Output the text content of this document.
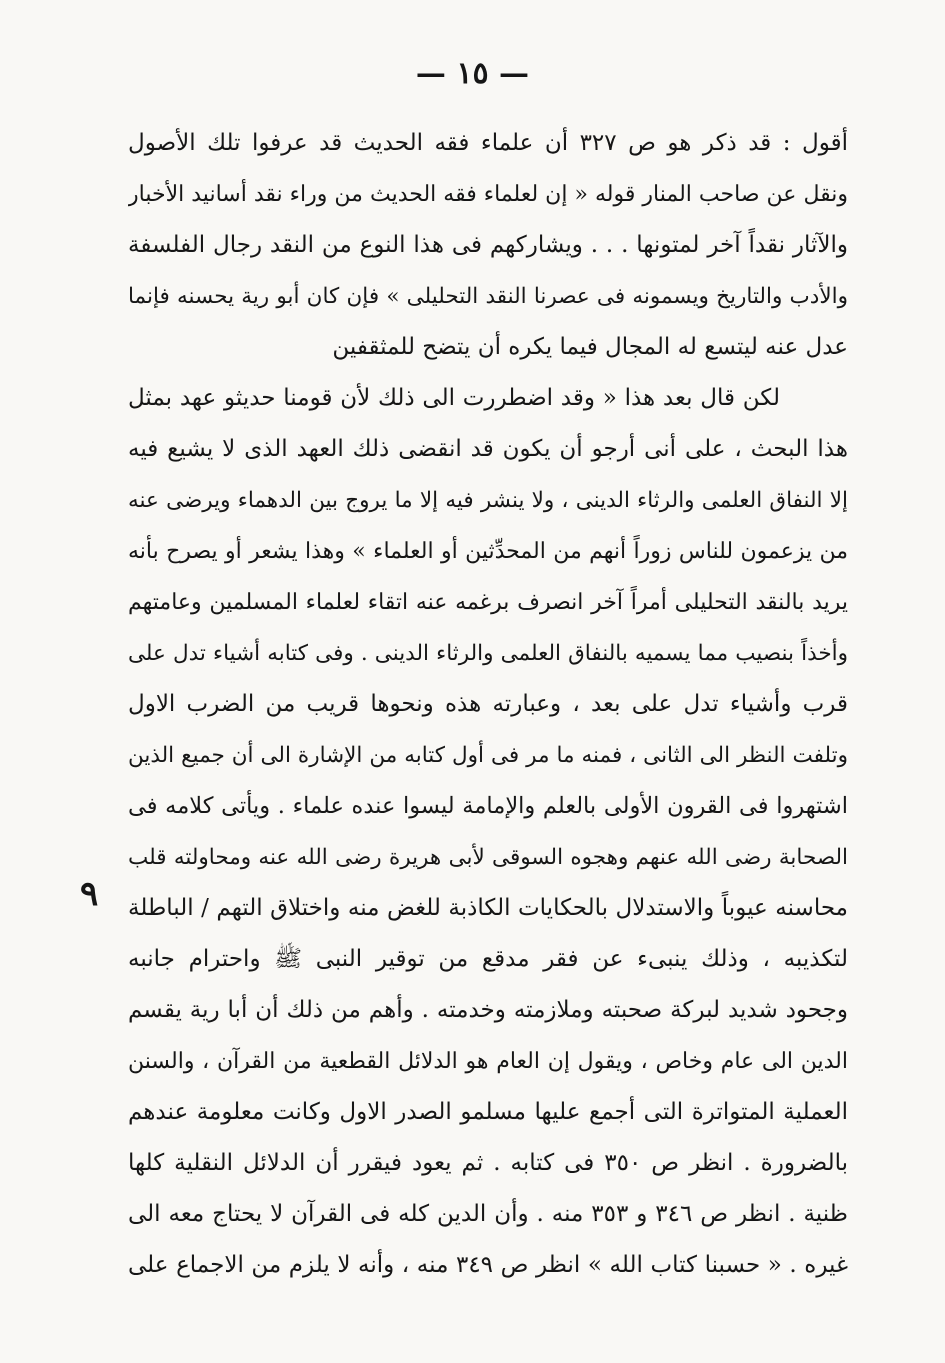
— ١٥ —
أقول : قد ذكر هو ص ٣٢٧ أن علماء فقه الحديث قد عرفوا تلك الأصول
ونقل عن صاحب المنار قوله « إن لعلماء فقه الحديث من وراء نقد أسانيد الأخبار
والآثار نقداً آخر لمتونها . . . ويشاركهم فى هذا النوع من النقد رجال الفلسفة
والأدب والتاريخ ويسمونه فى عصرنا النقد التحليلى » فإن كان أبو رية يحسنه فإنما
عدل عنه ليتسع له المجال فيما يكره أن يتضح للمثقفين
لكن قال بعد هذا « وقد اضطررت الى ذلك لأن قومنا حديثو عهد بمثل
هذا البحث ، على أنى أرجو أن يكون قد انقضى ذلك العهد الذى لا يشيع فيه
إلا النفاق العلمى والرثاء الدينى ، ولا ينشر فيه إلا ما يروج بين الدهماء ويرضى عنه
من يزعمون للناس زوراً أنهم من المحدِّثين أو العلماء » وهذا يشعر أو يصرح بأنه
يريد بالنقد التحليلى أمراً آخر انصرف برغمه عنه اتقاء لعلماء المسلمين وعامتهم
وأخذاً بنصيب مما يسميه بالنفاق العلمى والرثاء الدينى . وفى كتابه أشياء تدل على
قرب وأشياء تدل على بعد ، وعبارته هذه ونحوها قريب من الضرب الاول
وتلفت النظر الى الثانى ، فمنه ما مر فى أول كتابه من الإشارة الى أن جميع الذين
اشتهروا فى القرون الأولى بالعلم والإمامة ليسوا عنده علماء . ويأتى كلامه فى
الصحابة رضى الله عنهم وهجوه السوقى لأبى هريرة رضى الله عنه ومحاولته قلب
محاسنه عيوباً والاستدلال بالحكايات الكاذبة للغض منه واختلاق التهم / الباطلة
لتكذيبه ، وذلك ينبىء عن فقر مدقع من توقير النبى ﷺ واحترام جانبه
وجحود شديد لبركة صحبته وملازمته وخدمته . وأهم من ذلك أن أبا رية يقسم
الدين الى عام وخاص ، ويقول إن العام هو الدلائل القطعية من القرآن ، والسنن
العملية المتواترة التى أجمع عليها مسلمو الصدر الاول وكانت معلومة عندهم
بالضرورة . انظر ص ٣٥٠ فى كتابه . ثم يعود فيقرر أن الدلائل النقلية كلها
ظنية . انظر ص ٣٤٦ و ٣٥٣ منه . وأن الدين كله فى القرآن لا يحتاج معه الى
غيره . « حسبنا كتاب الله » انظر ص ٣٤٩ منه ، وأنه لا يلزم من الاجماع على
٩
